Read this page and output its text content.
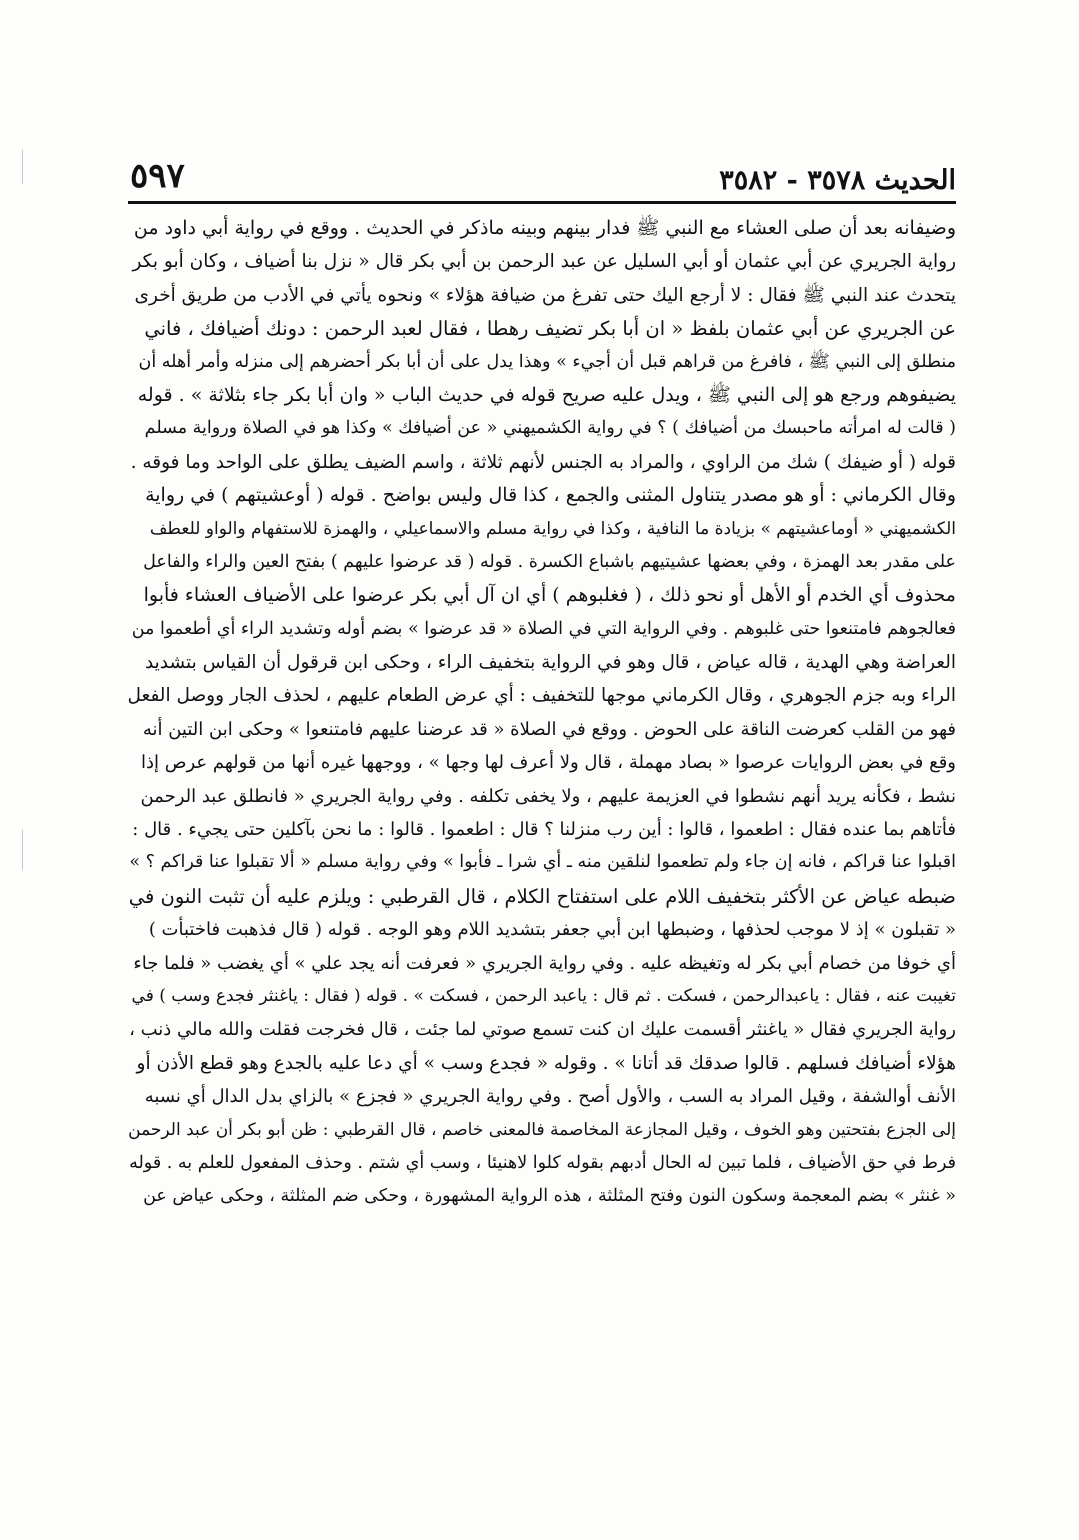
الحديث ٣٥٧٨ - ٣٥٨٢
٥٩٧
وضيفانه بعد أن صلى العشاء مع النبي ﷺ فدار بينهم وبينه ماذكر في الحديث . ووقع في رواية أبي داود من
رواية الجريري عن أبي عثمان أو أبي السليل عن عبد الرحمن بن أبي بكر قال « نزل بنا أضياف ، وكان أبو بكر
يتحدث عند النبي ﷺ فقال : لا أرجع اليك حتى تفرغ من ضيافة هؤلاء » ونحوه يأتي في الأدب من طريق أخرى
عن الجريري عن أبي عثمان بلفظ « ان أبا بكر تضيف رهطا ، فقال لعبد الرحمن : دونك أضيافك ، فاني
منطلق إلى النبي ﷺ ، فافرغ من قراهم قبل أن أجيء » وهذا يدل على أن أبا بكر أحضرهم إلى منزله وأمر أهله أن
يضيفوهم ورجع هو إلى النبي ﷺ ، ويدل عليه صريح قوله في حديث الباب « وان أبا بكر جاء بثلاثة » . قوله
( قالت له امرأته ماحبسك من أضيافك ) ؟ في رواية الكشميهني « عن أضيافك » وكذا هو في الصلاة ورواية مسلم
قوله ( أو ضيفك ) شك من الراوي ، والمراد به الجنس لأنهم ثلاثة ، واسم الضيف يطلق على الواحد وما فوقه .
وقال الكرماني : أو هو مصدر يتناول المثنى والجمع ، كذا قال وليس بواضح . قوله ( أوعشيتهم ) في رواية
الكشميهني « أوماعشيتهم » بزيادة ما النافية ، وكذا في رواية مسلم والاسماعيلي ، والهمزة للاستفهام والواو للعطف
على مقدر بعد الهمزة ، وفي بعضها عشيتيهم باشباع الكسرة . قوله ( قد عرضوا عليهم ) بفتح العين والراء والفاعل
محذوف أي الخدم أو الأهل أو نحو ذلك ، ( فغلبوهم ) أي ان آل أبي بكر عرضوا على الأضياف العشاء فأبوا
فعالجوهم فامتنعوا حتى غلبوهم . وفي الرواية التي في الصلاة « قد عرضوا » بضم أوله وتشديد الراء أي أطعموا من
العراضة وهي الهدية ، قاله عياض ، قال وهو في الرواية بتخفيف الراء ، وحكى ابن قرقول أن القياس بتشديد
الراء وبه جزم الجوهري ، وقال الكرماني موجها للتخفيف : أي عرض الطعام عليهم ، لحذف الجار ووصل الفعل
فهو من القلب كعرضت الناقة على الحوض . ووقع في الصلاة « قد عرضنا عليهم فامتنعوا » وحكى ابن التين أنه
وقع في بعض الروايات عرصوا « بصاد مهملة ، قال ولا أعرف لها وجها » ، ووجهها غيره أنها من قولهم عرص إذا
نشط ، فكأنه يريد أنهم نشطوا في العزيمة عليهم ، ولا يخفى تكلفه . وفي رواية الجريري « فانطلق عبد الرحمن
فأتاهم بما عنده فقال : اطعموا ، قالوا : أين رب منزلنا ؟ قال : اطعموا . قالوا : ما نحن بآكلين حتى يجيء . قال :
اقبلوا عنا قراكم ، فانه إن جاء ولم تطعموا لنلقين منه ـ أي شرا ـ فأبوا » وفي رواية مسلم « ألا تقبلوا عنا قراكم ؟ »
ضبطه عياض عن الأكثر بتخفيف اللام على استفتاح الكلام ، قال القرطبي : ويلزم عليه أن تثبت النون في
« تقبلون » إذ لا موجب لحذفها ، وضبطها ابن أبي جعفر بتشديد اللام وهو الوجه . قوله ( قال فذهبت فاختبأت )
أي خوفا من خصام أبي بكر له وتغيظه عليه . وفي رواية الجريري « فعرفت أنه يجد علي » أي يغضب « فلما جاء
تغيبت عنه ، فقال : ياعبدالرحمن ، فسكت . ثم قال : ياعبد الرحمن ، فسكت » . قوله ( فقال : ياغنثر فجدع وسب ) في
رواية الجريري فقال « ياغنثر أقسمت عليك ان كنت تسمع صوتي لما جئت ، قال فخرجت فقلت والله مالي ذنب ،
هؤلاء أضيافك فسلهم . قالوا صدقك قد أتانا » . وقوله « فجدع وسب » أي دعا عليه بالجدع وهو قطع الأذن أو
الأنف أوالشفة ، وقيل المراد به السب ، والأول أصح . وفي رواية الجريري « فجزع » بالزاي بدل الدال أي نسبه
إلى الجزع بفتحتين وهو الخوف ، وقيل المجازعة المخاصمة فالمعنى خاصم ، قال القرطبي : ظن أبو بكر أن عبد الرحمن
فرط في حق الأضياف ، فلما تبين له الحال أدبهم بقوله كلوا لاهنيئا ، وسب أي شتم . وحذف المفعول للعلم به . قوله
« غنثر » بضم المعجمة وسكون النون وفتح المثلثة ، هذه الرواية المشهورة ، وحكى ضم المثلثة ، وحكى عياض عن
